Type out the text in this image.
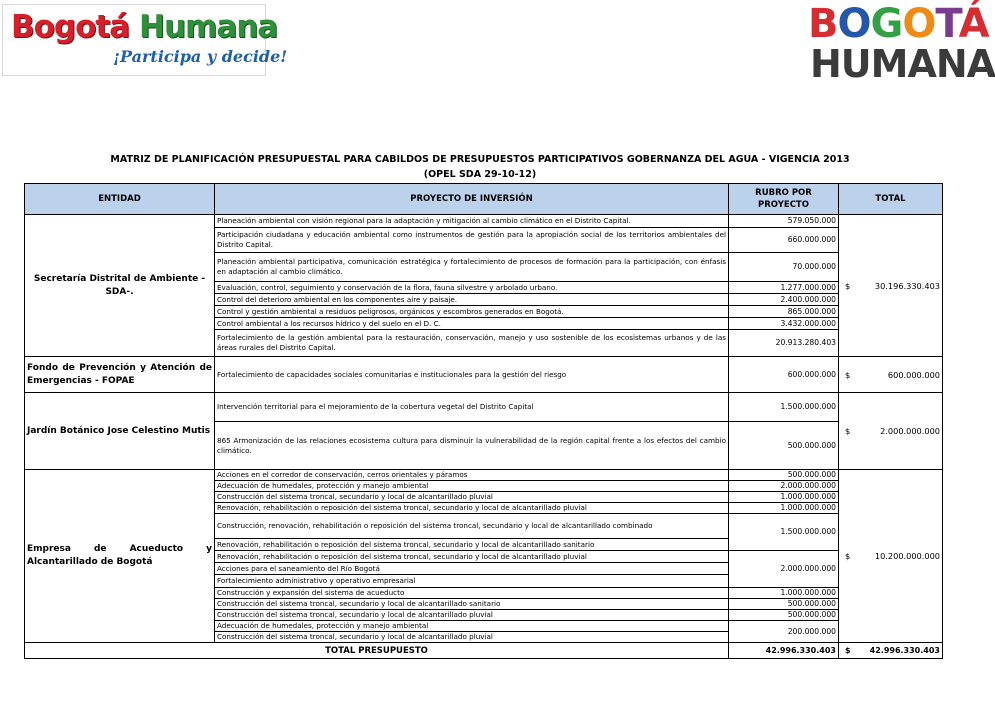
Bogotá Humana
¡Participa y decide!
BOGOTÁ
HUMANA
MATRIZ DE PLANIFICACIÓN PRESUPUESTAL PARA CABILDOS DE PRESUPUESTOS PARTICIPATIVOS GOBERNANZA DEL AGUA - VIGENCIA 2013
(OPEL SDA 29-10-12)
ENTIDAD	PROYECTO DE INVERSIÓN	RUBRO POR PROYECTO	TOTAL
Secretaría Distrital de Ambiente - SDA-.	Planeación ambiental con visión regional para la adaptación y mitigación al cambio climático en el Distrito Capital.	579.050.000	$ 30.196.330.403

	Participación ciudadana y educación ambiental como instrumentos de gestión para la apropiación social de los territorios ambientales del Distrito Capital.	660.000.000	
	Planeación ambiental participativa, comunicación estratégica y fortalecimiento de procesos de formación para la participación, con énfasis en adaptación al cambio climático.	70.000.000	
	Evaluación, control, seguimiento y conservación de la flora, fauna silvestre y arbolado urbano.	1.277.000.000	
	Control del deterioro ambiental en los componentes aire y paisaje.	2.400.000.000	
	Control y gestión ambiental a residuos peligrosos, orgánicos y escombros generados en Bogotá.	865.000.000	
	Control ambiental a los recursos hídrico y del suelo en el D. C.	3.432.000.000	
	Fortalecimiento de la gestión ambiental para la restauración, conservación, manejo y uso sostenible de los ecosistemas urbanos y de las áreas rurales del Distrito Capital.	20.913.280.403	
Fondo de Prevención y Atención de Emergencias - FOPAE	Fortalecimiento de capacidades sociales comunitarias e institucionales para la gestión del riesgo	600.000.000	$ 600.000.000

Jardín Botánico Jose Celestino Mutis	Intervención territorial para el mejoramiento de la cobertura vegetal del Distrito Capital	1.500.000.000	$ 2.000.000.000

	865 Armonización de las relaciones ecosistema cultura para disminuir la vulnerabilidad de la región capital frente a los efectos del cambio climático.	500.000.000	
Empresa de Acueducto y Alcantarillado de Bogotá	Acciones en el corredor de conservación, cerros orientales y páramos	500.000.000	$ 10.200.000.000

	Adecuación de humedales, protección y manejo ambiental	2.000.000.000	
	Construcción del sistema troncal, secundario y local de alcantarillado pluvial	1.000.000.000	
	Renovación, rehabilitación o reposición del sistema troncal, secundario y local de alcantarillado pluvial	1.000.000.000	
	Construcción, renovación, rehabilitación o reposición del sistema troncal, secundario y local de alcantarillado combinado	1.500.000.000	
	Renovación, rehabilitación o reposición del sistema troncal, secundario y local de alcantarillado sanitario		
	Renovación, rehabilitación o reposición del sistema troncal, secundario y local de alcantarillado pluvial	2.000.000.000	
	Acciones para el saneamiento del Río Bogotá		
	Fortalecimiento administrativo y operativo empresarial		
	Construcción y expansión del sistema de acueducto	1.000.000.000	
	Construcción del sistema troncal, secundario y local de alcantarillado sanitario	500.000.000	
	Construcción del sistema troncal, secundario y local de alcantarillado pluvial	500.000.000	
	Adecuación de humedales, protección y manejo ambiental	200.000.000	
	Construcción del sistema troncal, secundario y local de alcantarillado pluvial		
TOTAL PRESUPUESTO		42.996.330.403	$ 42.996.330.403
